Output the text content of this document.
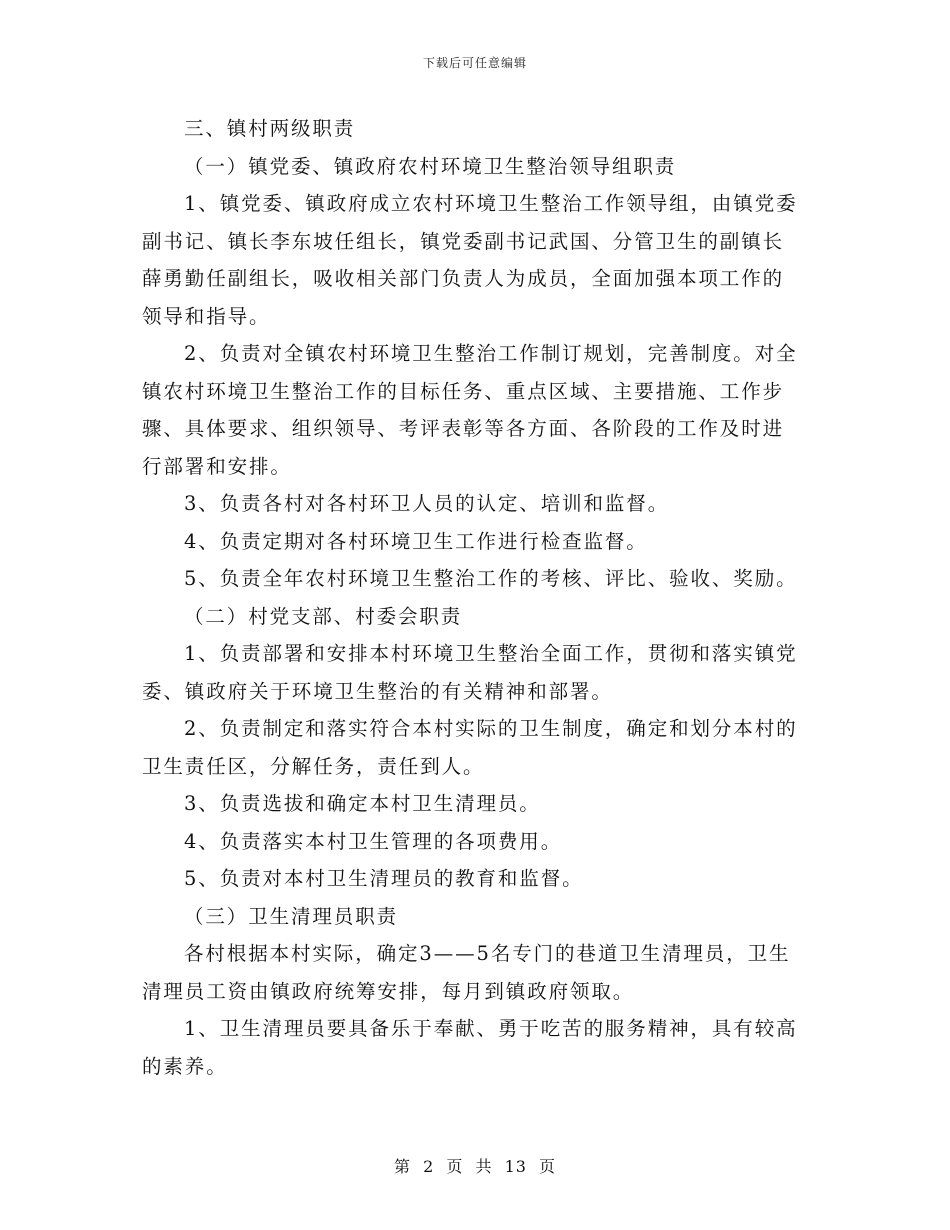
下载后可任意编辑

三、镇村两级职责

（一）镇党委、镇政府农村环境卫生整治领导组职责

1、镇党委、镇政府成立农村环境卫生整治工作领导组，由镇党委

副书记、镇长李东坡任组长，镇党委副书记武国、分管卫生的副镇长

薛勇勤任副组长，吸收相关部门负责人为成员，全面加强本项工作的

领导和指导。

2、负责对全镇农村环境卫生整治工作制订规划，完善制度。对全

镇农村环境卫生整治工作的目标任务、重点区域、主要措施、工作步

骤、具体要求、组织领导、考评表彰等各方面、各阶段的工作及时进

行部署和安排。

3、负责各村对各村环卫人员的认定、培训和监督。

4、负责定期对各村环境卫生工作进行检查监督。

5、负责全年农村环境卫生整治工作的考核、评比、验收、奖励。

（二）村党支部、村委会职责

1、负责部署和安排本村环境卫生整治全面工作，贯彻和落实镇党

委、镇政府关于环境卫生整治的有关精神和部署。

2、负责制定和落实符合本村实际的卫生制度，确定和划分本村的

卫生责任区，分解任务，责任到人。

3、负责选拔和确定本村卫生清理员。

4、负责落实本村卫生管理的各项费用。

5、负责对本村卫生清理员的教育和监督。

（三）卫生清理员职责

各村根据本村实际，确定3——5名专门的巷道卫生清理员，卫生

清理员工资由镇政府统筹安排，每月到镇政府领取。

1、卫生清理员要具备乐于奉献、勇于吃苦的服务精神，具有较高

的素养。

第 2 页 共 13 页
